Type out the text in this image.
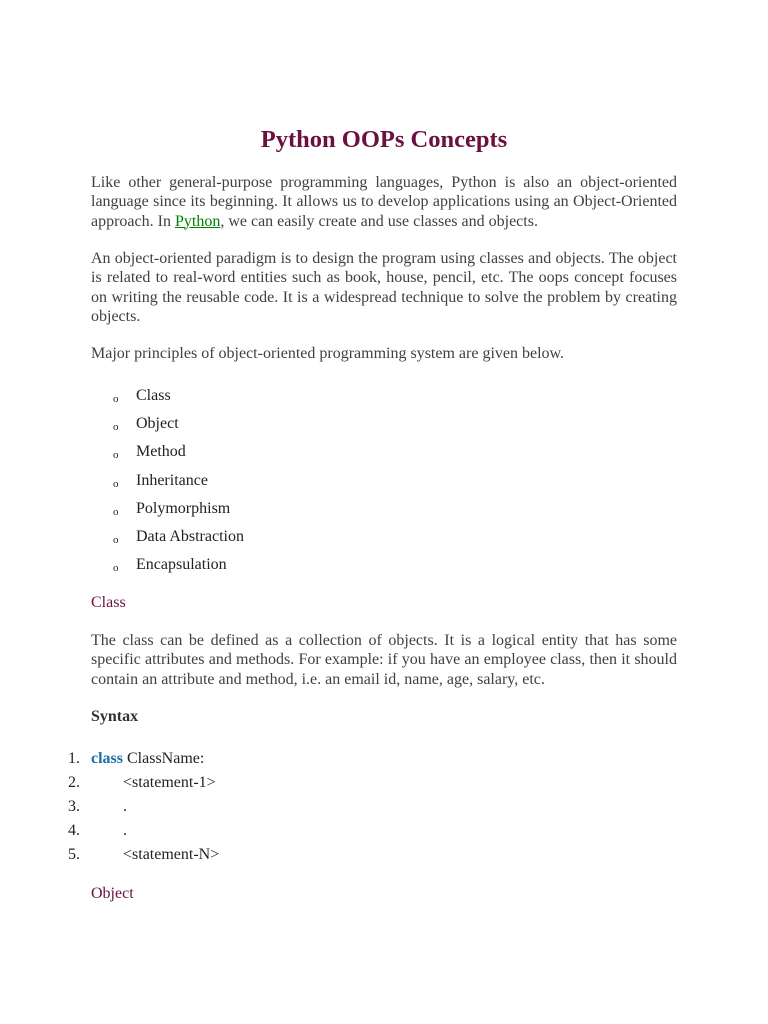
Python OOPs Concepts

Like other general-purpose programming languages, Python is also an object-oriented language since its beginning. It allows us to develop applications using an Object-Oriented approach. In Python, we can easily create and use classes and objects.

An object-oriented paradigm is to design the program using classes and objects. The object is related to real-word entities such as book, house, pencil, etc. The oops concept focuses on writing the reusable code. It is a widespread technique to solve the problem by creating objects.

Major principles of object-oriented programming system are given below.

o Class
o Object
o Method
o Inheritance
o Polymorphism
o Data Abstraction
o Encapsulation
Class

The class can be defined as a collection of objects. It is a logical entity that has some specific attributes and methods. For example: if you have an employee class, then it should contain an attribute and method, i.e. an email id, name, age, salary, etc.

Syntax
1. class ClassName:
2.	<statement-1>
3.	.
4.	.
5.	<statement-N>
Object
